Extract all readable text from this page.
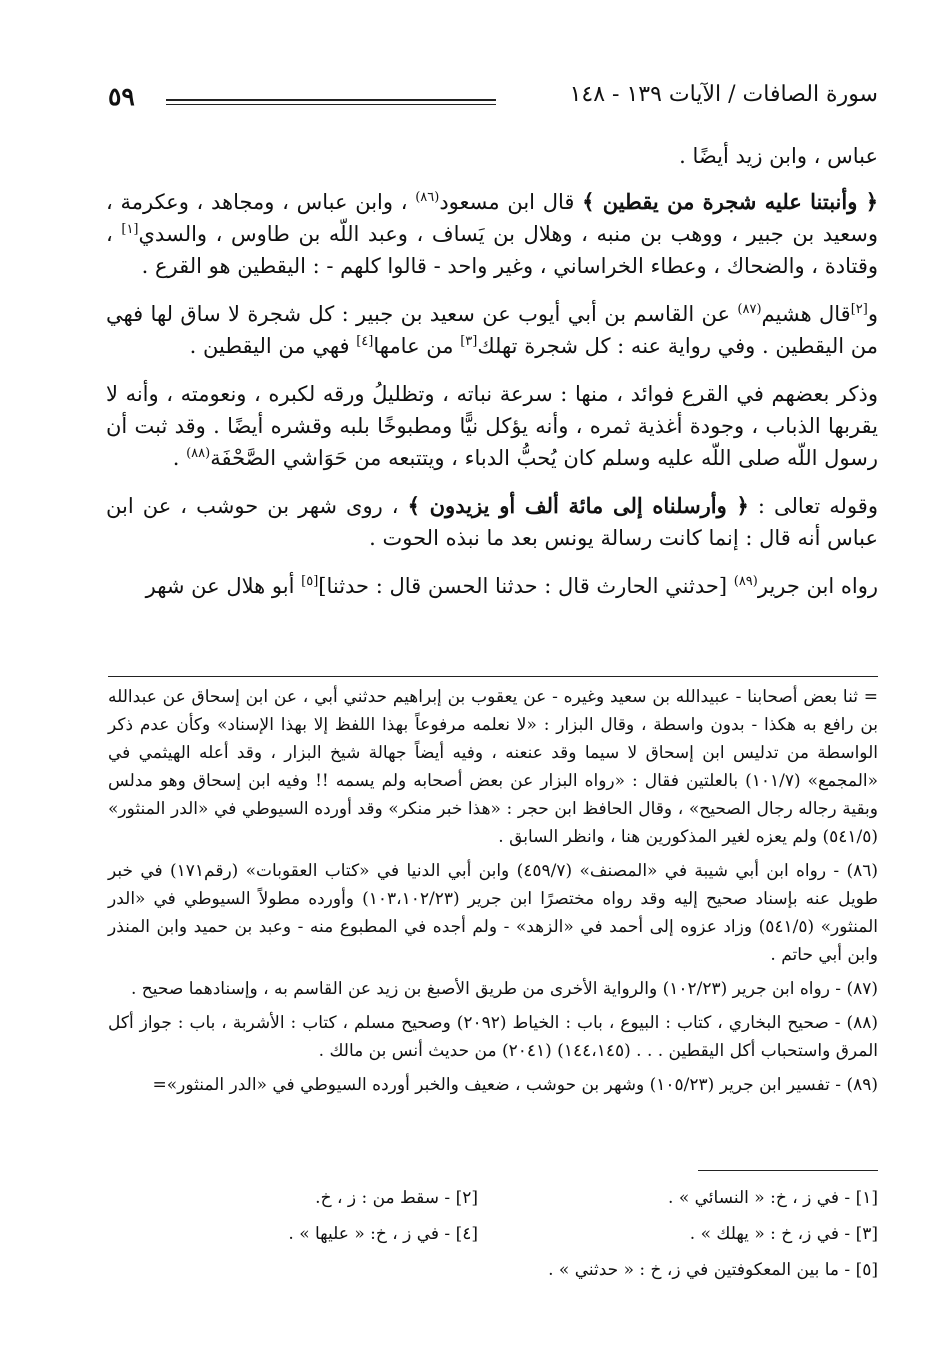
٥٩	سورة الصافات / الآيات ١٣٩ - ١٤٨

عباس ، وابن زيد أيضًا .

﴿ وأنبتنا عليه شجرة من يقطين ﴾ قال ابن مسعود$^{(٨٦)}$ ، وابن عباس ، ومجاهد ، وعكرمة ، وسعيد بن جبير ، ووهب بن منبه ، وهلال بن يَساف ، وعبد اللّه بن طاوس ، والسدي[١] ، وقتادة ، والضحاك ، وعطاء الخراساني ، وغير واحد - قالوا كلهم - : اليقطين هو القرع .

و[٢]قال هشيم$^{(٨٧)}$ عن القاسم بن أبي أيوب عن سعيد بن جبير : كل شجرة لا ساق لها فهي من اليقطين . وفي رواية عنه : كل شجرة تهلك[٣] من عامها[٤] فهي من اليقطين .

وذكر بعضهم في القرع فوائد ، منها : سرعة نباته ، وتظليلُ ورقه لكبره ، ونعومته ، وأنه لا يقربها الذباب ، وجودة أغذية ثمره ، وأنه يؤكل نيًّا ومطبوخًا بلبه وقشره أيضًا . وقد ثبت أن رسول اللّه صلى اللّه عليه وسلم كان يُحبُّ الدباء ، ويتتبعه من حَوَاشي الصَّحْفَة$^{(٨٨)}$ .

وقوله تعالى : ﴿ وأرسلناه إلى مائة ألف أو يزيدون ﴾ ، روى شهر بن حوشب ، عن ابن عباس أنه قال : إنما كانت رسالة يونس بعد ما نبذه الحوت .

رواه ابن جرير$^{(٨٩)}$ [حدثني الحارث قال : حدثنا الحسن قال : حدثنا][٥] أبو هلال عن شهر

= ثنا بعض أصحابنا - عبيدالله بن سعيد وغيره - عن يعقوب بن إبراهيم حدثني أبي ، عن ابن إسحاق عن عبدالله بن رافع به هكذا - بدون واسطة ، وقال البزار : «لا نعلمه مرفوعاً بهذا اللفظ إلا بهذا الإسناد» وكأن عدم ذكر الواسطة من تدليس ابن إسحاق لا سيما وقد عنعنه ، وفيه أيضاً جهالة شيخ البزار ، وقد أعله الهيثمي في «المجمع» (١٠١/٧) بالعلتين فقال : «رواه البزار عن بعض أصحابه ولم يسمه !! وفيه ابن إسحاق وهو مدلس وبقية رجاله رجال الصحيح» ، وقال الحافظ ابن حجر : «هذا خبر منكر» وقد أورده السيوطي في «الدر المنثور» (٥٤١/٥) ولم يعزه لغير المذكورين هنا ، وانظر السابق .

(٨٦) - رواه ابن أبي شيبة في «المصنف» (٤٥٩/٧) وابن أبي الدنيا في «كتاب العقوبات» (رقم١٧١) في خبر طويل عنه بإسناد صحيح إليه وقد رواه مختصرًا ابن جرير (١٠٣،١٠٢/٢٣) وأورده مطولاً السيوطي في «الدر المنثور» (٥٤١/٥) وزاد عزوه إلى أحمد في «الزهد» - ولم أجده في المطبوع منه - وعبد بن حميد وابن المنذر وابن أبي حاتم .

(٨٧) - رواه ابن جرير (١٠٢/٢٣) والرواية الأخرى من طريق الأصبغ بن زيد عن القاسم به ، وإسنادهما صحيح .

(٨٨) - صحيح البخاري ، كتاب : البيوع ، باب : الخياط (٢٠٩٢) وصحيح مسلم ، كتاب : الأشربة ، باب : جواز أكل المرق واستحباب أكل اليقطين . . . (١٤٤،١٤٥) (٢٠٤١) من حديث أنس بن مالك .

(٨٩) - تفسير ابن جرير (١٠٥/٢٣) وشهر بن حوشب ، ضعيف والخبر أورده السيوطي في «الدر المنثور»=

[١] - في ز ، خ: « النسائي » .
[٢] - سقط من : ز ، خ.
[٣] - في ز، خ : « يهلك » .
[٤] - في ز ، خ: « عليها » .
[٥] - ما بين المعكوفتين في ز، خ : « حدثني » .
